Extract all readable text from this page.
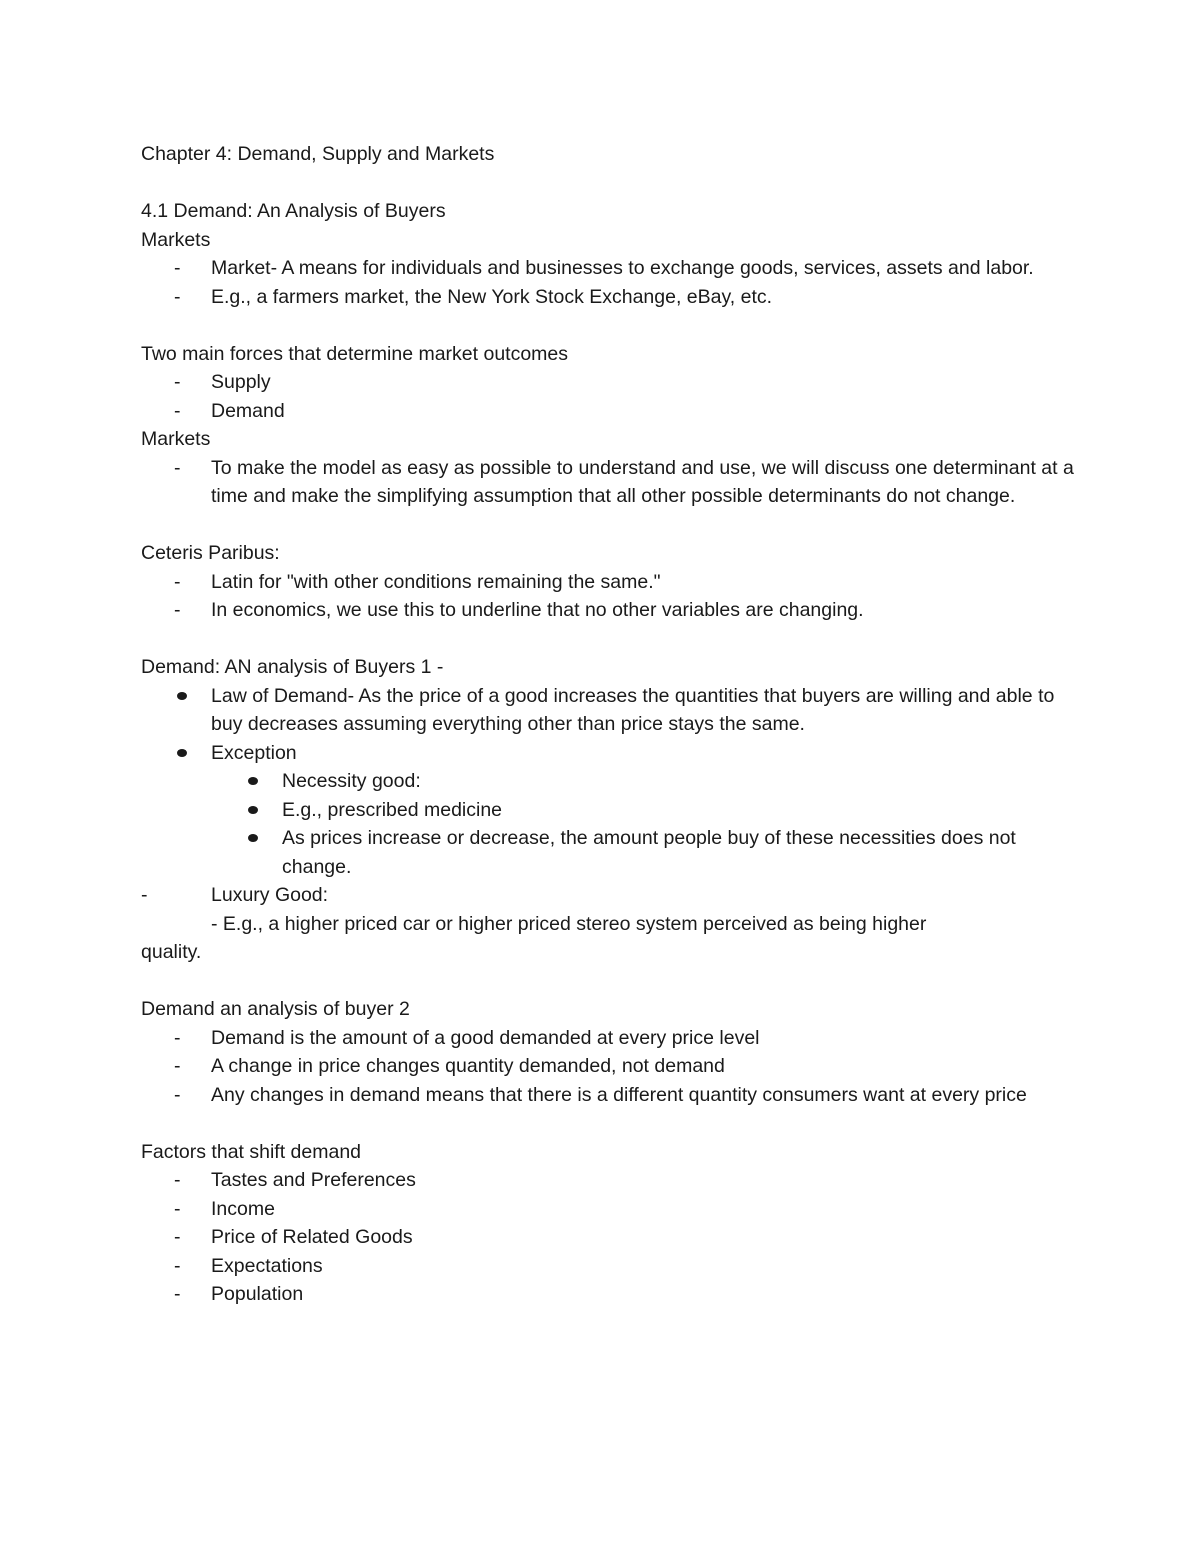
Chapter 4: Demand, Supply and Markets
4.1 Demand: An Analysis of Buyers
Markets
-	Market- A means for individuals and businesses to exchange goods, services, assets and labor.
-	E.g., a farmers market, the New York Stock Exchange, eBay, etc.
Two main forces that determine market outcomes
-	Supply
-	Demand
Markets
-	To make the model as easy as possible to understand and use, we will discuss one determinant at a time and make the simplifying assumption that all other possible determinants do not change.
Ceteris Paribus:
-	Latin for "with other conditions remaining the same."
-	In economics, we use this to underline that no other variables are changing.
Demand: AN analysis of Buyers 1 -
Law of Demand- As the price of a good increases the quantities that buyers are willing and able to buy decreases assuming everything other than price stays the same.
Exception
Necessity good:
E.g., prescribed medicine
As prices increase or decrease, the amount people buy of these necessities does not change.
-	Luxury Good:
- E.g., a higher priced car or higher priced stereo system perceived as being higher
quality.
Demand an analysis of buyer 2
-	Demand is the amount of a good demanded at every price level
-	A change in price changes quantity demanded, not demand
-	Any changes in demand means that there is a different quantity consumers want at every price
Factors that shift demand
-	Tastes and Preferences
-	Income
-	Price of Related Goods
-	Expectations
-	Population
